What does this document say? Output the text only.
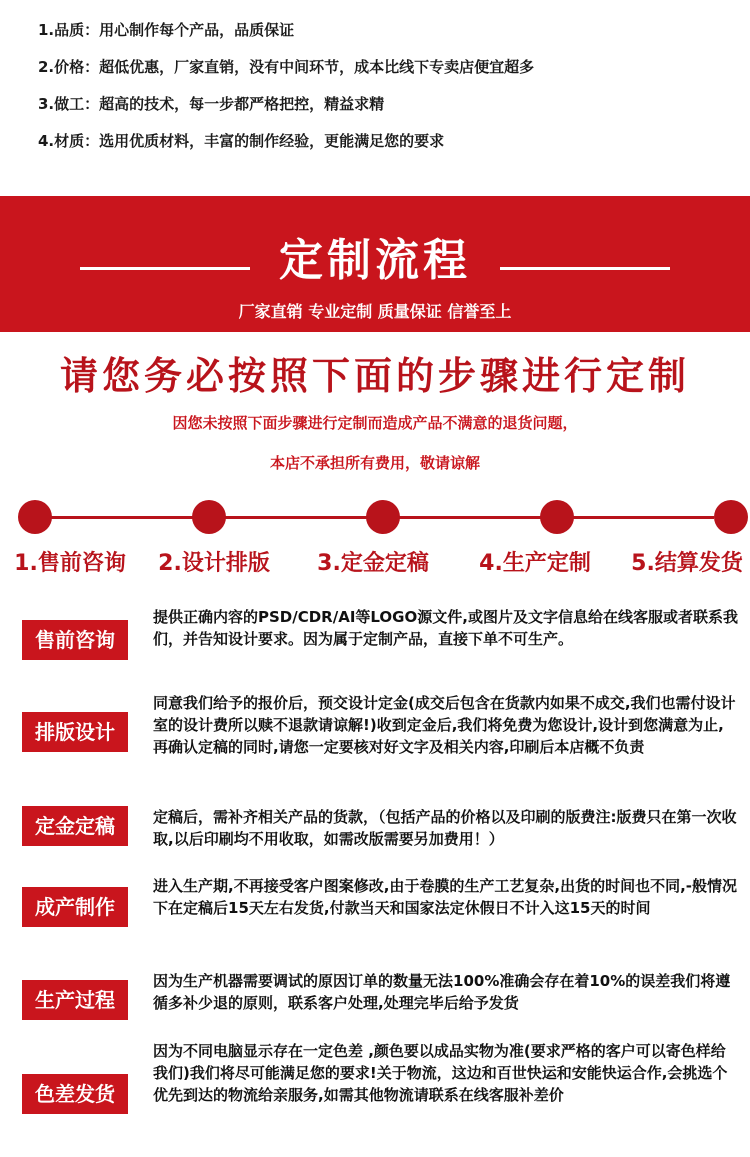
1.品质：用心制作每个产品，品质保证
2.价格：超低优惠，厂家直销，没有中间环节，成本比线下专卖店便宜超多
3.做工：超高的技术，每一步都严格把控，精益求精
4.材质：选用优质材料，丰富的制作经验，更能满足您的要求
定制流程
厂家直销 专业定制 质量保证 信誉至上
请您务必按照下面的步骤进行定制
因您未按照下面步骤进行定制而造成产品不满意的退货问题，
本店不承担所有费用，敬请谅解
1.售前咨询	2.设计排版	3.定金定稿	4.生产定制	5.结算发货
售前咨询
提供正确内容的PSD/CDR/AI等LOGO源文件,或图片及文字信息给在线客服或者联系我们，并告知设计要求。因为属于定制产品，直接下单不可生产。
排版设计
同意我们给予的报价后，预交设计定金(成交后包含在货款内如果不成交,我们也需付设计室的设计费所以赎不退款请谅解!)收到定金后,我们将免费为您设计,设计到您满意为止,再确认定稿的同时,请您一定要核对好文字及相关内容,印刷后本店概不负责
定金定稿	定稿后，需补齐相关产品的货款，（包括产品的价格以及印刷的版费注:版费只在第一次收取,以后印刷均不用收取，如需改版需要另加费用！）
成产制作
进入生产期,不再接受客户图案修改,由于卷膜的生产工艺复杂,出货的时间也不同,-般情况下在定稿后15天左右发货,付款当天和国家法定休假日不计入这15天的时间
生产过程
因为生产机器需要调试的原因订单的数量无法100%准确会存在着10%的误差我们将遵循多补少退的原则，联系客户处理,处理完毕后给予发货
色差发货
因为不同电脑显示存在一定色差 ,颜色要以成品实物为准(要求严格的客户可以寄色样给我们)我们将尽可能满足您的要求!关于物流，这边和百世快运和安能快运合作,会挑选个优先到达的物流给亲服务,如需其他物流请联系在线客服补差价
